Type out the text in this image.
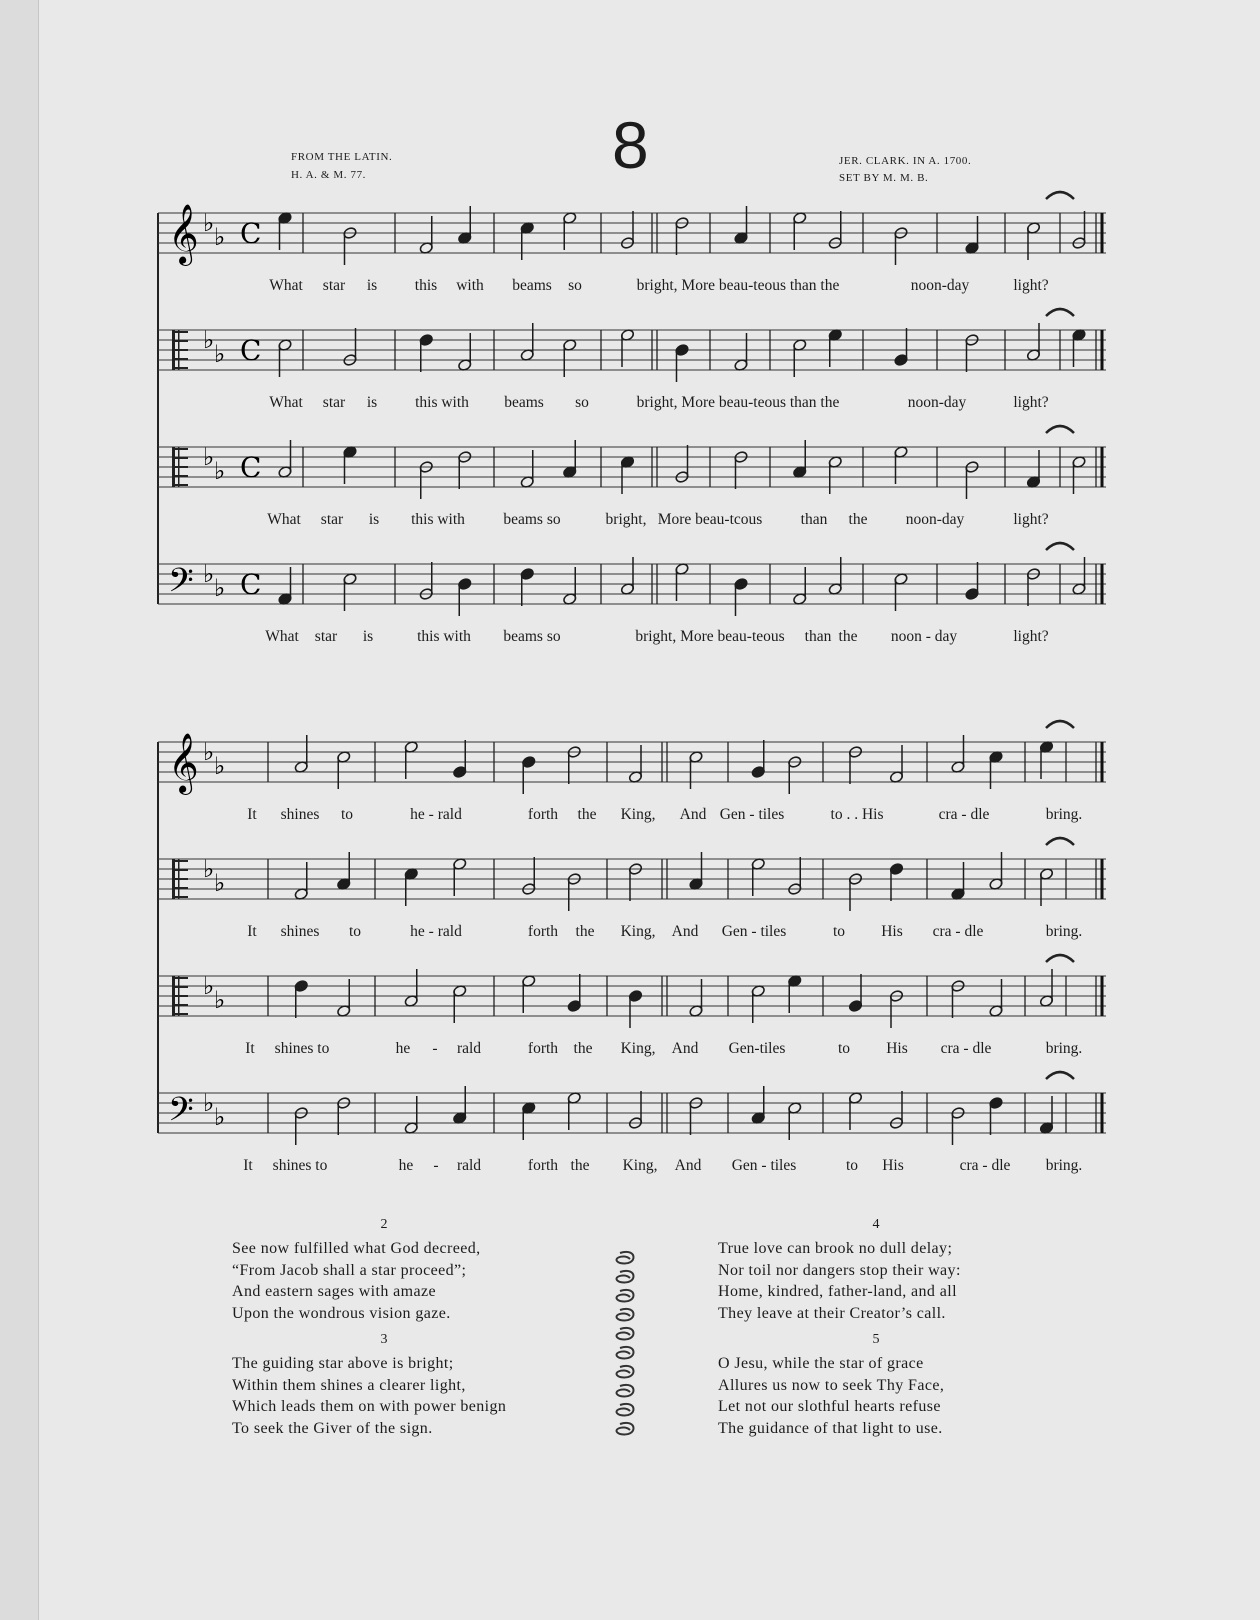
FROM THE LATIN.
H. A. & M. 77.	8	JER. CLARK. IN A. 1700.
SET BY M. M. B.
𝄞 ♭ ♭ C
♭ ♭ C
♭ ♭ C
𝄢 ♭ ♭ C
𝄞 ♭ ♭
♭ ♭
♭ ♭
𝄢 ♭ ♭
What star is this with beams so	bright, More beau-teous than the	noon-day	light?
What star is this with beams so	bright, More beau-teous than the	noon-day	light?
What star is this with beams so	bright, More beau-tcous than the noon-day	light?
What star is	this with beams so	bright, More beau-teous than the noon - day	light?
It shines to	he - rald	forth the King, And Gen - tiles	to . . His	cra - dle	bring.
It shines to	he - rald	forth the King, And Gen - tiles	to His cra - dle	bring.
It shines to	he - rald	forth the King, And Gen-tiles	to His cra - dle	bring.
It shines to	he - rald	forth the King, And Gen - tiles	to His	cra - dle bring.
2
See now fulfilled what God decreed,
“From Jacob shall a star proceed”;
And eastern sages with amaze
Upon the wondrous vision gaze.
3
The guiding star above is bright;
Within them shines a clearer light,
Which leads them on with power benign
To seek the Giver of the sign.
4
True love can brook no dull delay;
Nor toil nor dangers stop their way:
Home, kindred, father-land, and all
They leave at their Creator’s call.
5
O Jesu, while the star of grace
Allures us now to seek Thy Face,
Let not our slothful hearts refuse
The guidance of that light to use.
